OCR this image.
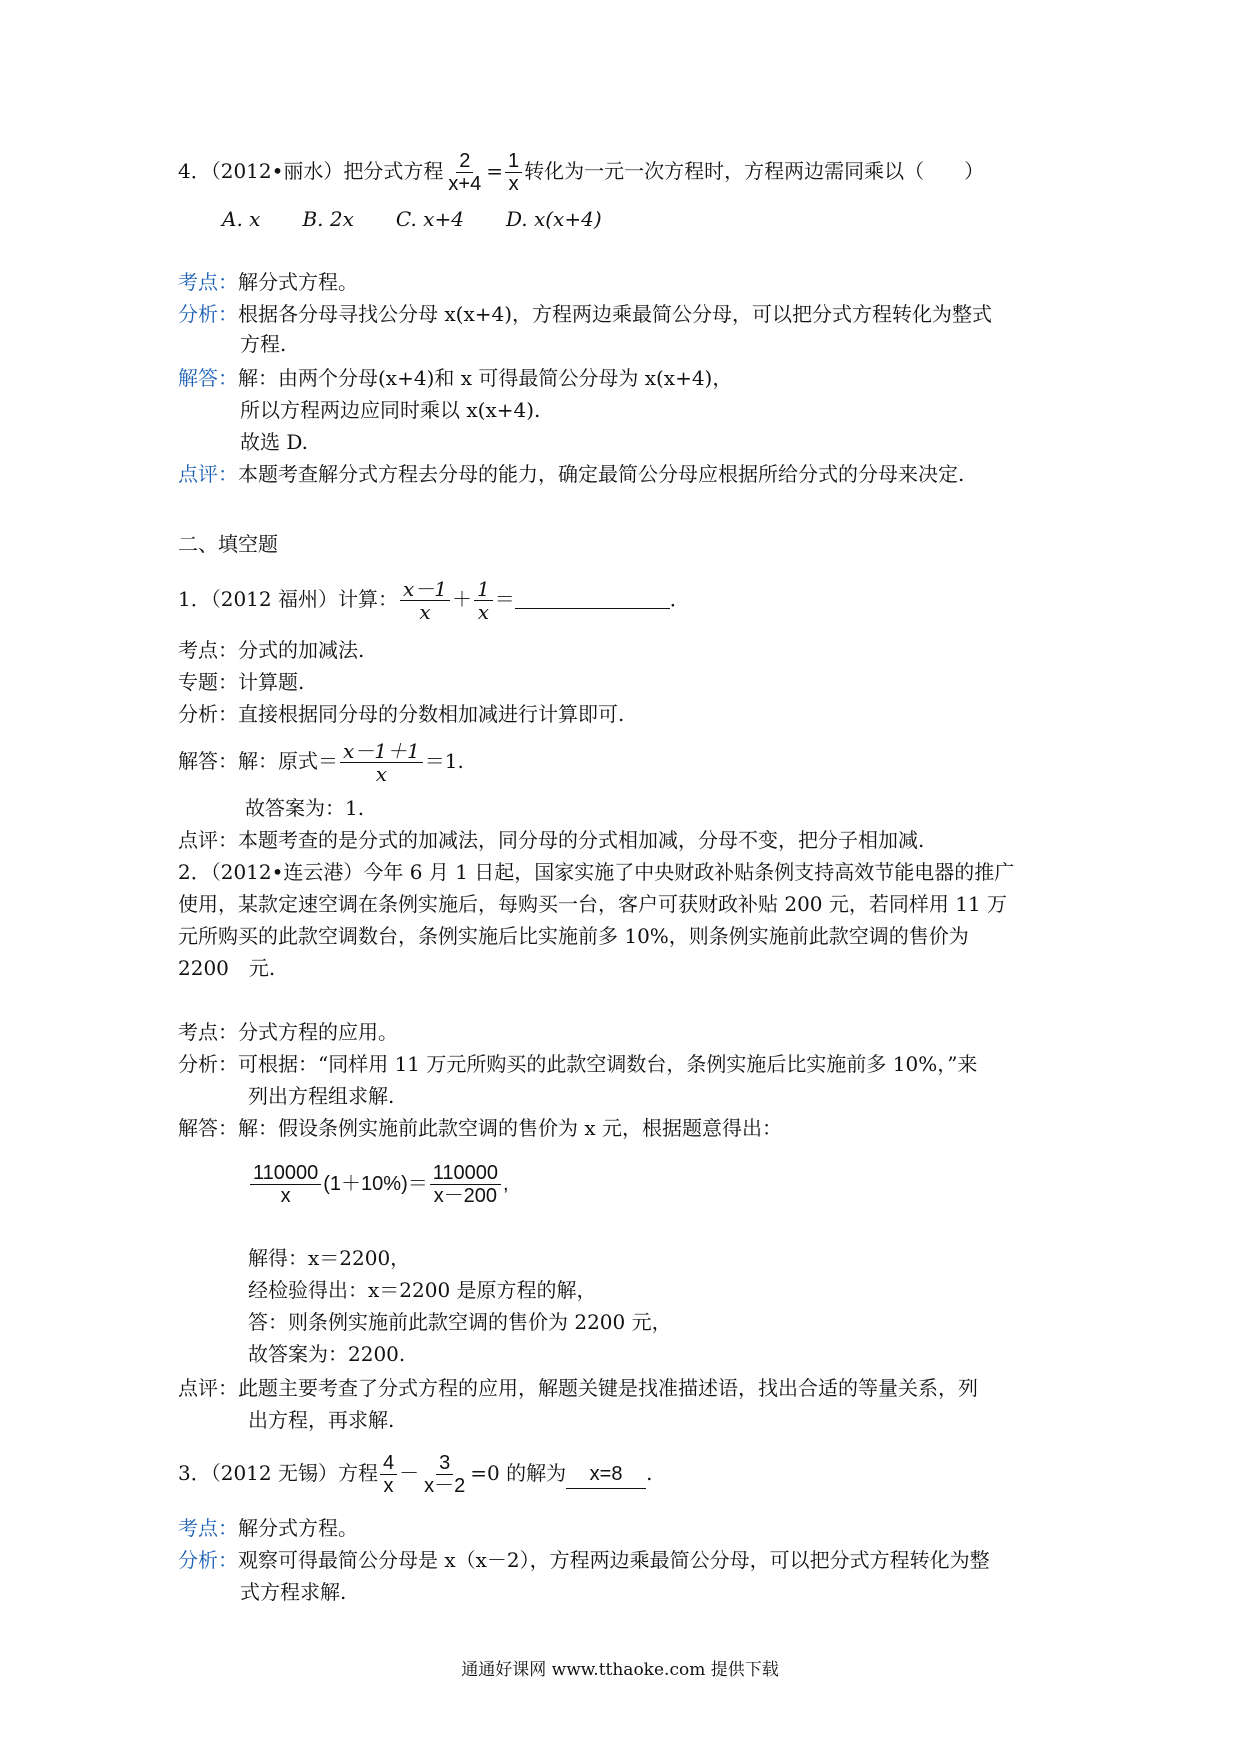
4．（2012•丽水）把分式方程 $\frac{2}{x+4} = \frac{1}{x}$ 转化为一元一次方程时，方程两边需同乘以（　　）
A. x B. 2x C. x+4 D. x(x+4)
考点：解分式方程。
分析：根据各分母寻找公分母 x(x+4)，方程两边乘最简公分母，可以把分式方程转化为整式
方程.
解答：解：由两个分母(x+4)和 x 可得最简公分母为 x(x+4)，
所以方程两边应同时乘以 x(x+4).
故选 D.
点评：本题考查解分式方程去分母的能力，确定最简公分母应根据所给分式的分母来决定.
二、填空题
1．（2012 福州）计算： $\frac{x-1}{x} + \frac{1}{x}$ ＝	．
考点：分式的加减法.
专题：计算题.
分析：直接根据同分母的分数相加减进行计算即可.
解答：解：原式＝ $\frac{x-1+1}{x} =1$.
故答案为：1.
点评：本题考查的是分式的加减法，同分母的分式相加减，分母不变，把分子相加减.
2．（2012•连云港）今年 6 月 1 日起，国家实施了中央财政补贴条例支持高效节能电器的推广
使用，某款定速空调在条例实施后，每购买一台，客户可获财政补贴 200 元，若同样用 11 万
元所购买的此款空调数台，条例实施后比实施前多 10%，则条例实施前此款空调的售价为
2200　元.
考点：分式方程的应用。
分析：可根据：“同样用 11 万元所购买的此款空调数台，条例实施后比实施前多 10%，”来
列出方程组求解.
解答：解：假设条例实施前此款空调的售价为 x 元，根据题意得出：
$\frac{110000}{x} (1+10\%)= \frac{110000}{x-200}$ ,
解得：x＝2200，
经检验得出：x＝2200 是原方程的解，
答：则条例实施前此款空调的售价为 2200 元，
故答案为：2200.
点评：此题主要考查了分式方程的应用，解题关键是找准描述语，找出合适的等量关系，列
出方程，再求解.
3．（2012 无锡）方程 $\frac{4}{x} - \frac{3}{x-2} =0$ 的解为 x=8 .
考点：解分式方程。
分析：观察可得最简公分母是 x（x－2），方程两边乘最简公分母，可以把分式方程转化为整
式方程求解.
通通好课网 www.tthaoke.com 提供下载
